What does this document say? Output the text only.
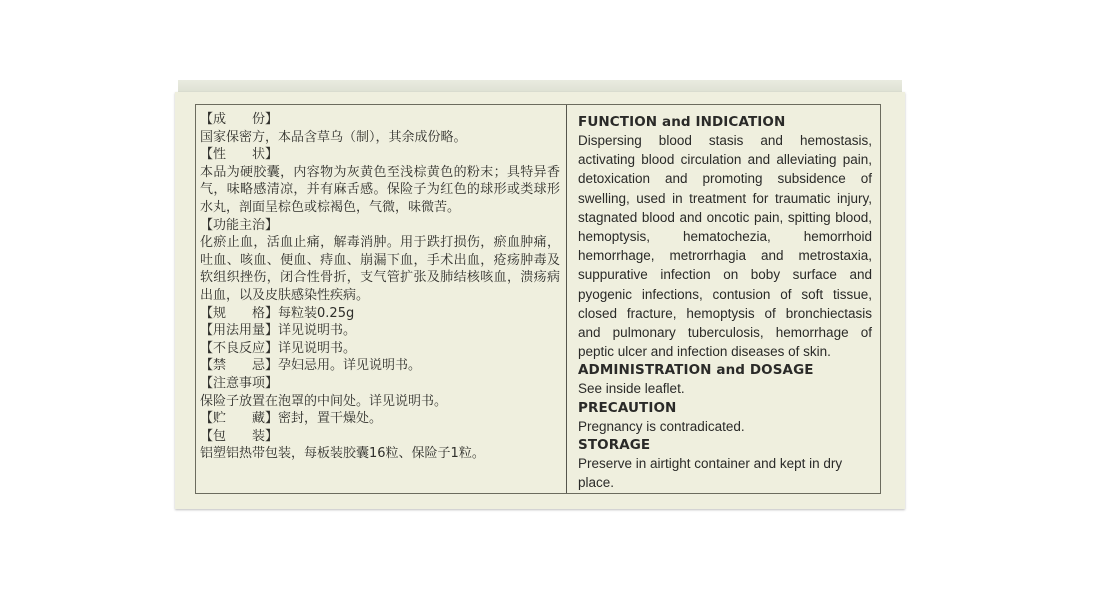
【成　　份】
国家保密方，本品含草乌（制），其余成份略。
【性　　状】
本品为硬胶囊，内容物为灰黄色至浅棕黄色的粉末；具特异香气，味略感清凉，并有麻舌感。保险子为红色的球形或类球形水丸，剖面呈棕色或棕褐色，气微，味微苦。
【功能主治】
化瘀止血，活血止痛，解毒消肿。用于跌打损伤，瘀血肿痛，吐血、咳血、便血、痔血、崩漏下血，手术出血，疮疡肿毒及软组织挫伤，闭合性骨折，支气管扩张及肺结核咳血，溃疡病出血，以及皮肤感染性疾病。
【规　　格】每粒装0.25g
【用法用量】详见说明书。
【不良反应】详见说明书。
【禁　　忌】孕妇忌用。详见说明书。
【注意事项】
保险子放置在泡罩的中间处。详见说明书。
【贮　　藏】密封，置干燥处。
【包　　装】
铝塑铝热带包装，每板装胶囊16粒、保险子1粒。
FUNCTION and INDICATION

Dispersing blood stasis and hemostasis, activating blood circulation and alleviating pain, detoxication and promoting subsidence of swelling, used in treatment for traumatic injury, stagnated blood and oncotic pain, spitting blood, hemoptysis, hematochezia, hemorrhoid hemorrhage, metrorrhagia and metrostaxia, suppurative infection on boby surface and pyogenic infections, contusion of soft tissue, closed fracture, hemoptysis of bronchiectasis and pulmonary tuberculosis, hemorrhage of peptic ulcer and infection diseases of skin.

ADMINISTRATION and DOSAGE

See inside leaflet.

PRECAUTION

Pregnancy is contradicated.

STORAGE

Preserve in airtight container and kept in dry place.
